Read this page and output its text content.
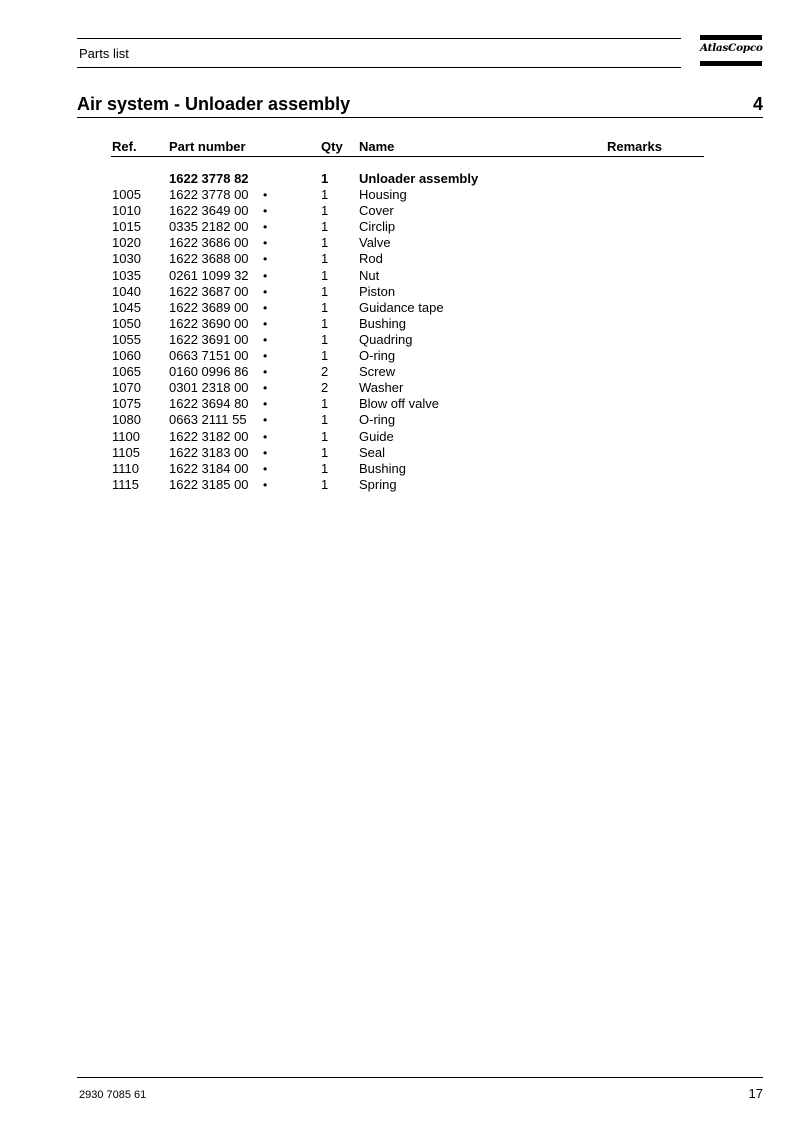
Parts list	AtlasCopco
Air system - Unloader assembly	4
Ref. Part number	Qty Name	Remarks
1622 3778 82	1 Unloader assembly
1005 1622 3778 00 •	1 Housing
1010 1622 3649 00 •	1 Cover
1015 0335 2182 00 •	1 Circlip
1020 1622 3686 00 •	1 Valve
1030 1622 3688 00 •	1 Rod
1035 0261 1099 32 •	1 Nut
1040 1622 3687 00 •	1 Piston
1045 1622 3689 00 •	1 Guidance tape
1050 1622 3690 00 •	1 Bushing
1055 1622 3691 00 •	1 Quadring
1060 0663 7151 00 •	1 O-ring
1065 0160 0996 86 •	2 Screw
1070 0301 2318 00 •	2 Washer
1075 1622 3694 80 •	1 Blow off valve
1080 0663 2111 55 •	1 O-ring
1100 1622 3182 00 •	1 Guide
1105 1622 3183 00 •	1 Seal
1110 1622 3184 00 •	1 Bushing
1115 1622 3185 00 •	1 Spring
2930 7085 61	17
